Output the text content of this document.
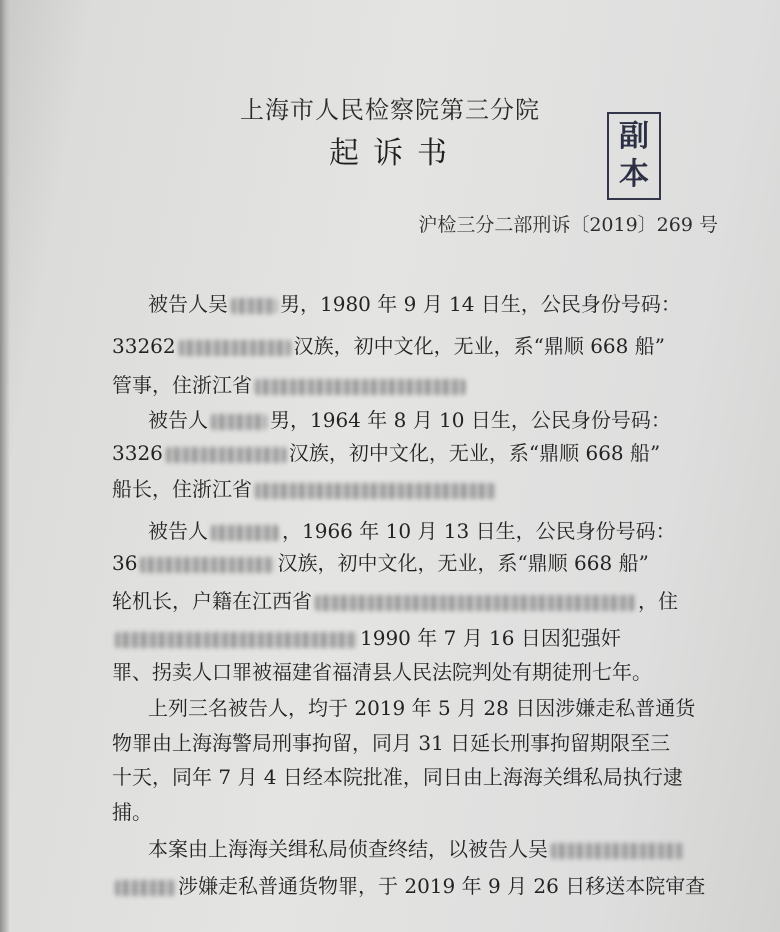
上海市人民检察院第三分院
起诉书	副
本
沪检三分二部刑诉〔2019〕269 号
被告人吴	男，1980 年 9 月 14 日生，公民身份号码：
33262	汉族，初中文化，无业，系“鼎顺 668 船”
管事，住浙江省
被告人	男，1964 年 8 月 10 日生，公民身份号码：
3326	汉族，初中文化，无业，系“鼎顺 668 船”
船长，住浙江省
被告人	，1966 年 10 月 13 日生，公民身份号码：
36	汉族，初中文化，无业，系“鼎顺 668 船”
轮机长，户籍在江西省	，住
1990 年 7 月 16 日因犯强奸
罪、拐卖人口罪被福建省福清县人民法院判处有期徒刑七年。
上列三名被告人，均于 2019 年 5 月 28 日因涉嫌走私普通货
物罪由上海海警局刑事拘留，同月 31 日延长刑事拘留期限至三
十天，同年 7 月 4 日经本院批准，同日由上海海关缉私局执行逮
捕。
本案由上海海关缉私局侦查终结，以被告人吴
涉嫌走私普通货物罪，于 2019 年 9 月 26 日移送本院审查
